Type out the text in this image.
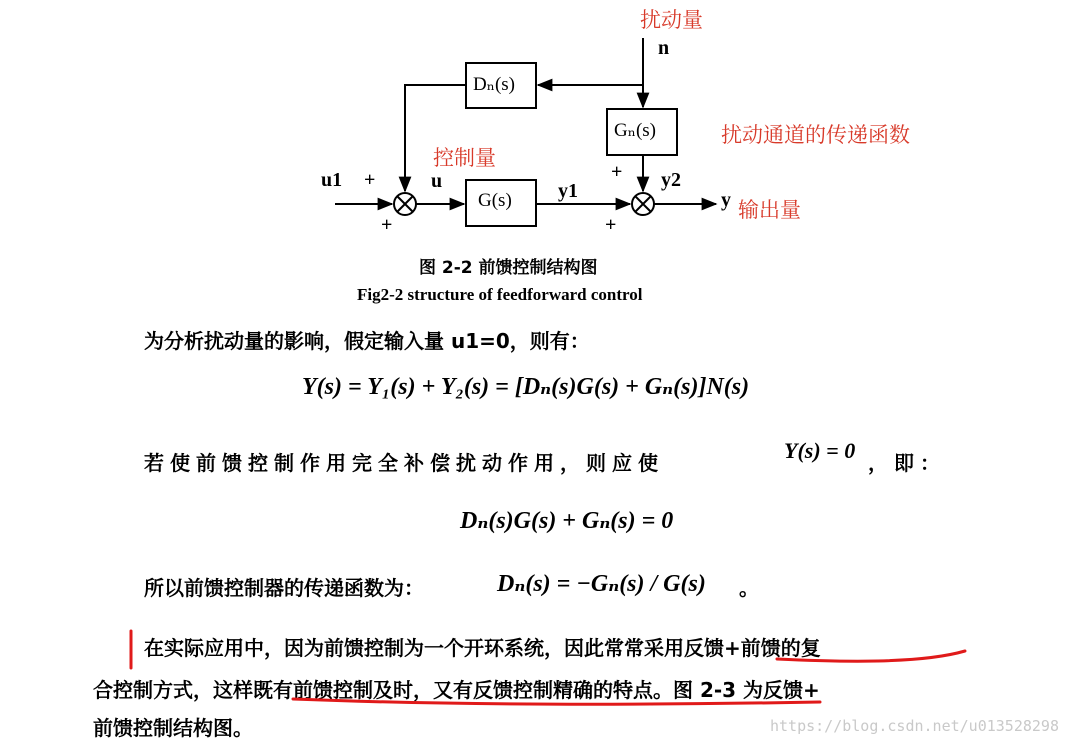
Dₙ(s)
Gₙ(s)
G(s)
n
u1 +
+
u	y1
+ y2
+
y
扰动量
扰动通道的传递函数
控制量
输出量
图 2-2 前馈控制结构图
Fig2-2 structure of feedforward control
为分析扰动量的影响，假定输入量 u1=0，则有：
Y(s) = Y₁(s) + Y₂(s) = [Dₙ(s)G(s) + Gₙ(s)]N(s)
若使前馈控制作用完全补偿扰动作用，则应使	Y(s) = 0 ，即：
Dₙ(s)G(s) + Gₙ(s) = 0
所以前馈控制器的传递函数为：	Dₙ(s) = −Gₙ(s) / G(s) 。
在实际应用中，因为前馈控制为一个开环系统，因此常常采用反馈+前馈的复
合控制方式，这样既有前馈控制及时，又有反馈控制精确的特点。图 2-3 为反馈+
前馈控制结构图。	https://blog.csdn.net/u013528298
